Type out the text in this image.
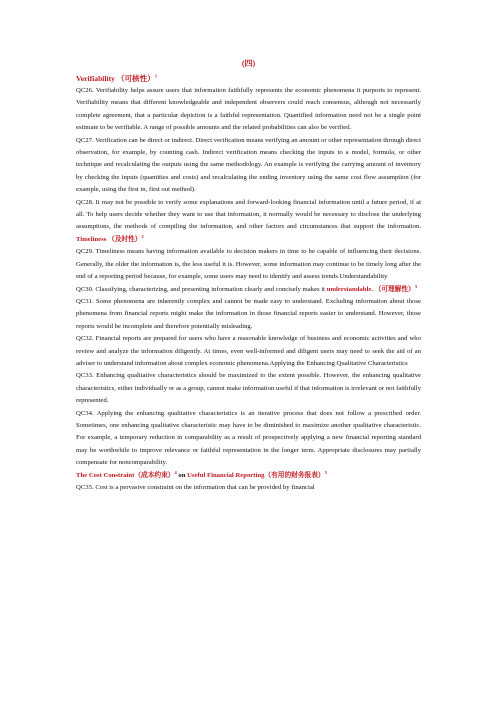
(四)
Verifiability （可核性）$^1$

QC26. Verifiability helps assure users that information faithfully represents the economic phenomena it purports to represent. Verifiability means that different knowledgeable and independent observers could reach consensus, although not necessarily complete agreement, that a particular depiction is a faithful representation. Quantified information need not be a single point estimate to be verifiable. A range of possible amounts and the related probabilities can also be verified.

QC27. Verification can be direct or indirect. Direct verification means verifying an amount or other representation through direct observation, for example, by counting cash. Indirect verification means checking the inputs to a model, formula, or other technique and recalculating the outputs using the same methodology. An example is verifying the carrying amount of inventory by checking the inputs (quantities and costs) and recalculating the ending inventory using the same cost flow assumption (for example, using the first in, first out method).

QC28. It may not be possible to verify some explanations and forward-looking financial information until a future period, if at all. To help users decide whether they want to use that information, it normally would be necessary to disclose the underlying assumptions, the methods of compiling the information, and other factors and circumstances that support the information. Timeliness （及时性）$^2$

QC29. Timeliness means having information available to decision makers in time to be capable of influencing their decisions. Generally, the older the information is, the less useful it is. However, some information may continue to be timely long after the end of a reporting period because, for example, some users may need to identify and assess trends.Understandability

QC30. Classifying, characterizing, and presenting information clearly and concisely makes it understandable. （可理解性）$^3$

QC31. Some phenomena are inherently complex and cannot be made easy to understand. Excluding information about those phenomena from financial reports might make the information in those financial reports easier to understand. However, those reports would be incomplete and therefore potentially misleading.

QC32. Financial reports are prepared for users who have a reasonable knowledge of business and economic activities and who review and analyze the information diligently. At times, even well-informed and diligent users may need to seek the aid of an adviser to understand information about complex economic phenomena.Applying the Enhancing Qualitative Characteristics

QC33. Enhancing qualitative characteristics should be maximized to the extent possible. However, the enhancing qualitative characteristics, either individually or as a group, cannot make information useful if that information is irrelevant or not faithfully represented.

QC34. Applying the enhancing qualitative characteristics is an iterative process that does not follow a prescribed order. Sometimes, one enhancing qualitative characteristic may have to be diminished to maximize another qualitative characteristic. For example, a temporary reduction in comparability as a result of prospectively applying a new financial reporting standard may be worthwhile to improve relevance or faithful representation in the longer term. Appropriate disclosures may partially compensate for noncomparability.

The Cost Constraint（成本约束）$^4$ on Useful Financial Reporting（有用的财务报表）$^5$

QC35. Cost is a pervasive constraint on the information that can be provided by financial
